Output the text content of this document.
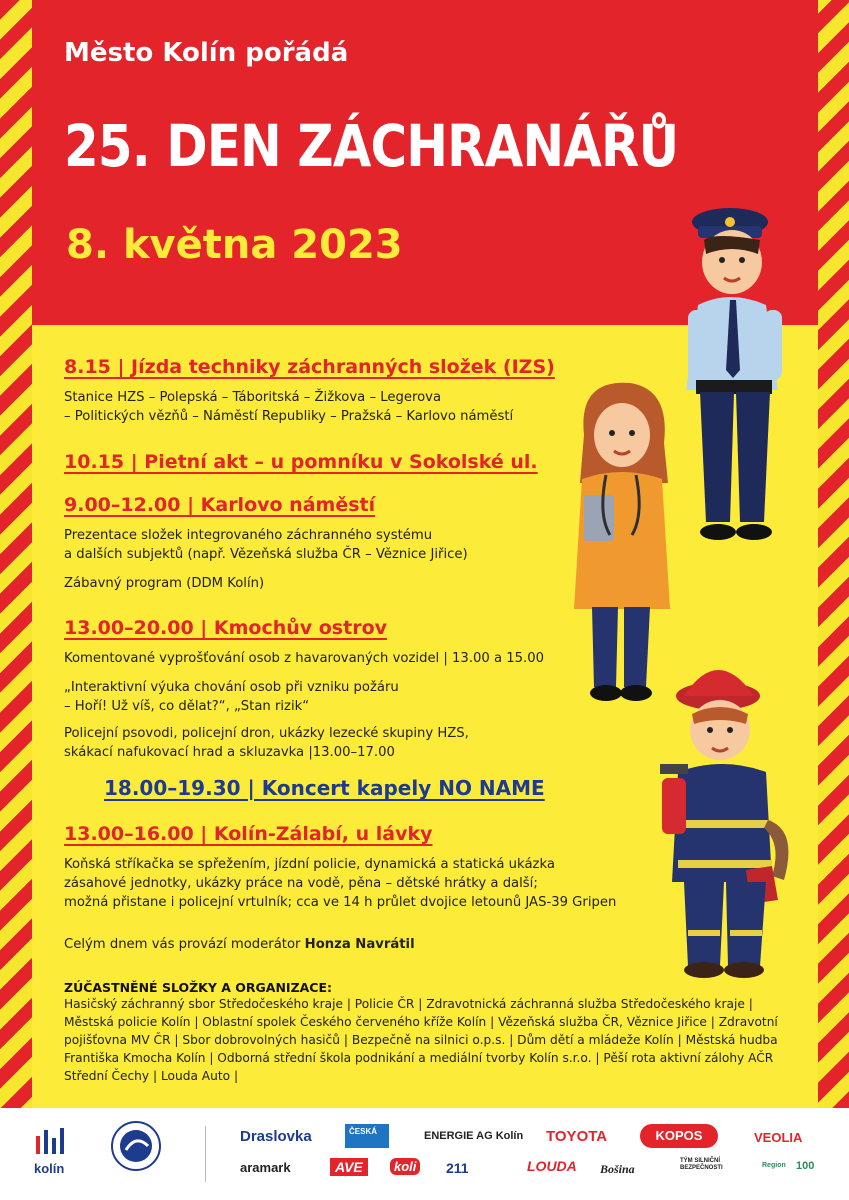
Město Kolín pořádá
25. DEN ZÁCHRANÁŘŮ
8. května 2023
8.15 | Jízda techniky záchranných složek (IZS)
Stanice HZS – Polepská – Táboritská – Žižkova – Legerova
– Politických vězňů – Náměstí Republiky – Pražská – Karlovo náměstí
10.15 | Pietní akt – u pomníku v Sokolské ul.
9.00–12.00 | Karlovo náměstí
Prezentace složek integrovaného záchranného systému
a dalších subjektů (např. Vězeňská služba ČR – Věznice Jiřice)
Zábavný program (DDM Kolín)
13.00–20.00 | Kmochův ostrov
Komentované vyprošťování osob z havarovaných vozidel | 13.00 a 15.00
„Interaktivní výuka chování osob při vzniku požáru
– Hoří! Už víš, co dělat?“, „Stan rizik“
Policejní psovodi, policejní dron, ukázky lezecké skupiny HZS,
skákací nafukovací hrad a skluzavka |13.00–17.00
18.00–19.30 | Koncert kapely NO NAME
13.00–16.00 | Kolín-Zálabí, u lávky
Koňská stříkačka se spřežením, jízdní policie, dynamická a statická ukázka
zásahové jednotky, ukázky práce na vodě, pěna – dětské hrátky a další;
možná přistane i policejní vrtulník; cca ve 14 h průlet dvojice letounů JAS-39 Gripen
Celým dnem vás provází moderátor Honza Navrátil
ZÚČASTNĚNÉ SLOŽKY A ORGANIZACE:
Hasičský záchranný sbor Středočeského kraje | Policie ČR | Zdravotnická záchranná služba Středočeského kraje | Městská policie Kolín | Oblastní spolek Českého červeného kříže Kolín | Vězeňská služba ČR, Věznice Jiřice | Zdravotní pojišťovna MV ČR | Sbor dobrovolných hasičů | Bezpečně na silnici o.p.s. | Dům dětí a mládeže Kolín | Městská hudba Františka Kmocha Kolín | Odborná střední škola podnikání a mediální tvorby Kolín s.r.o. | Pěší rota aktivní zálohy AČR Střední Čechy | Louda Auto |
kolín
Draslovka	ČESKÁ	ENERGIE AG Kolín TOYOTA	KOPOS	VEOLIA
aramark	AVE	koli 211	LOUDA Bošina
TÝM SILNIČNÍ BEZPEČNOSTI	Region 100
